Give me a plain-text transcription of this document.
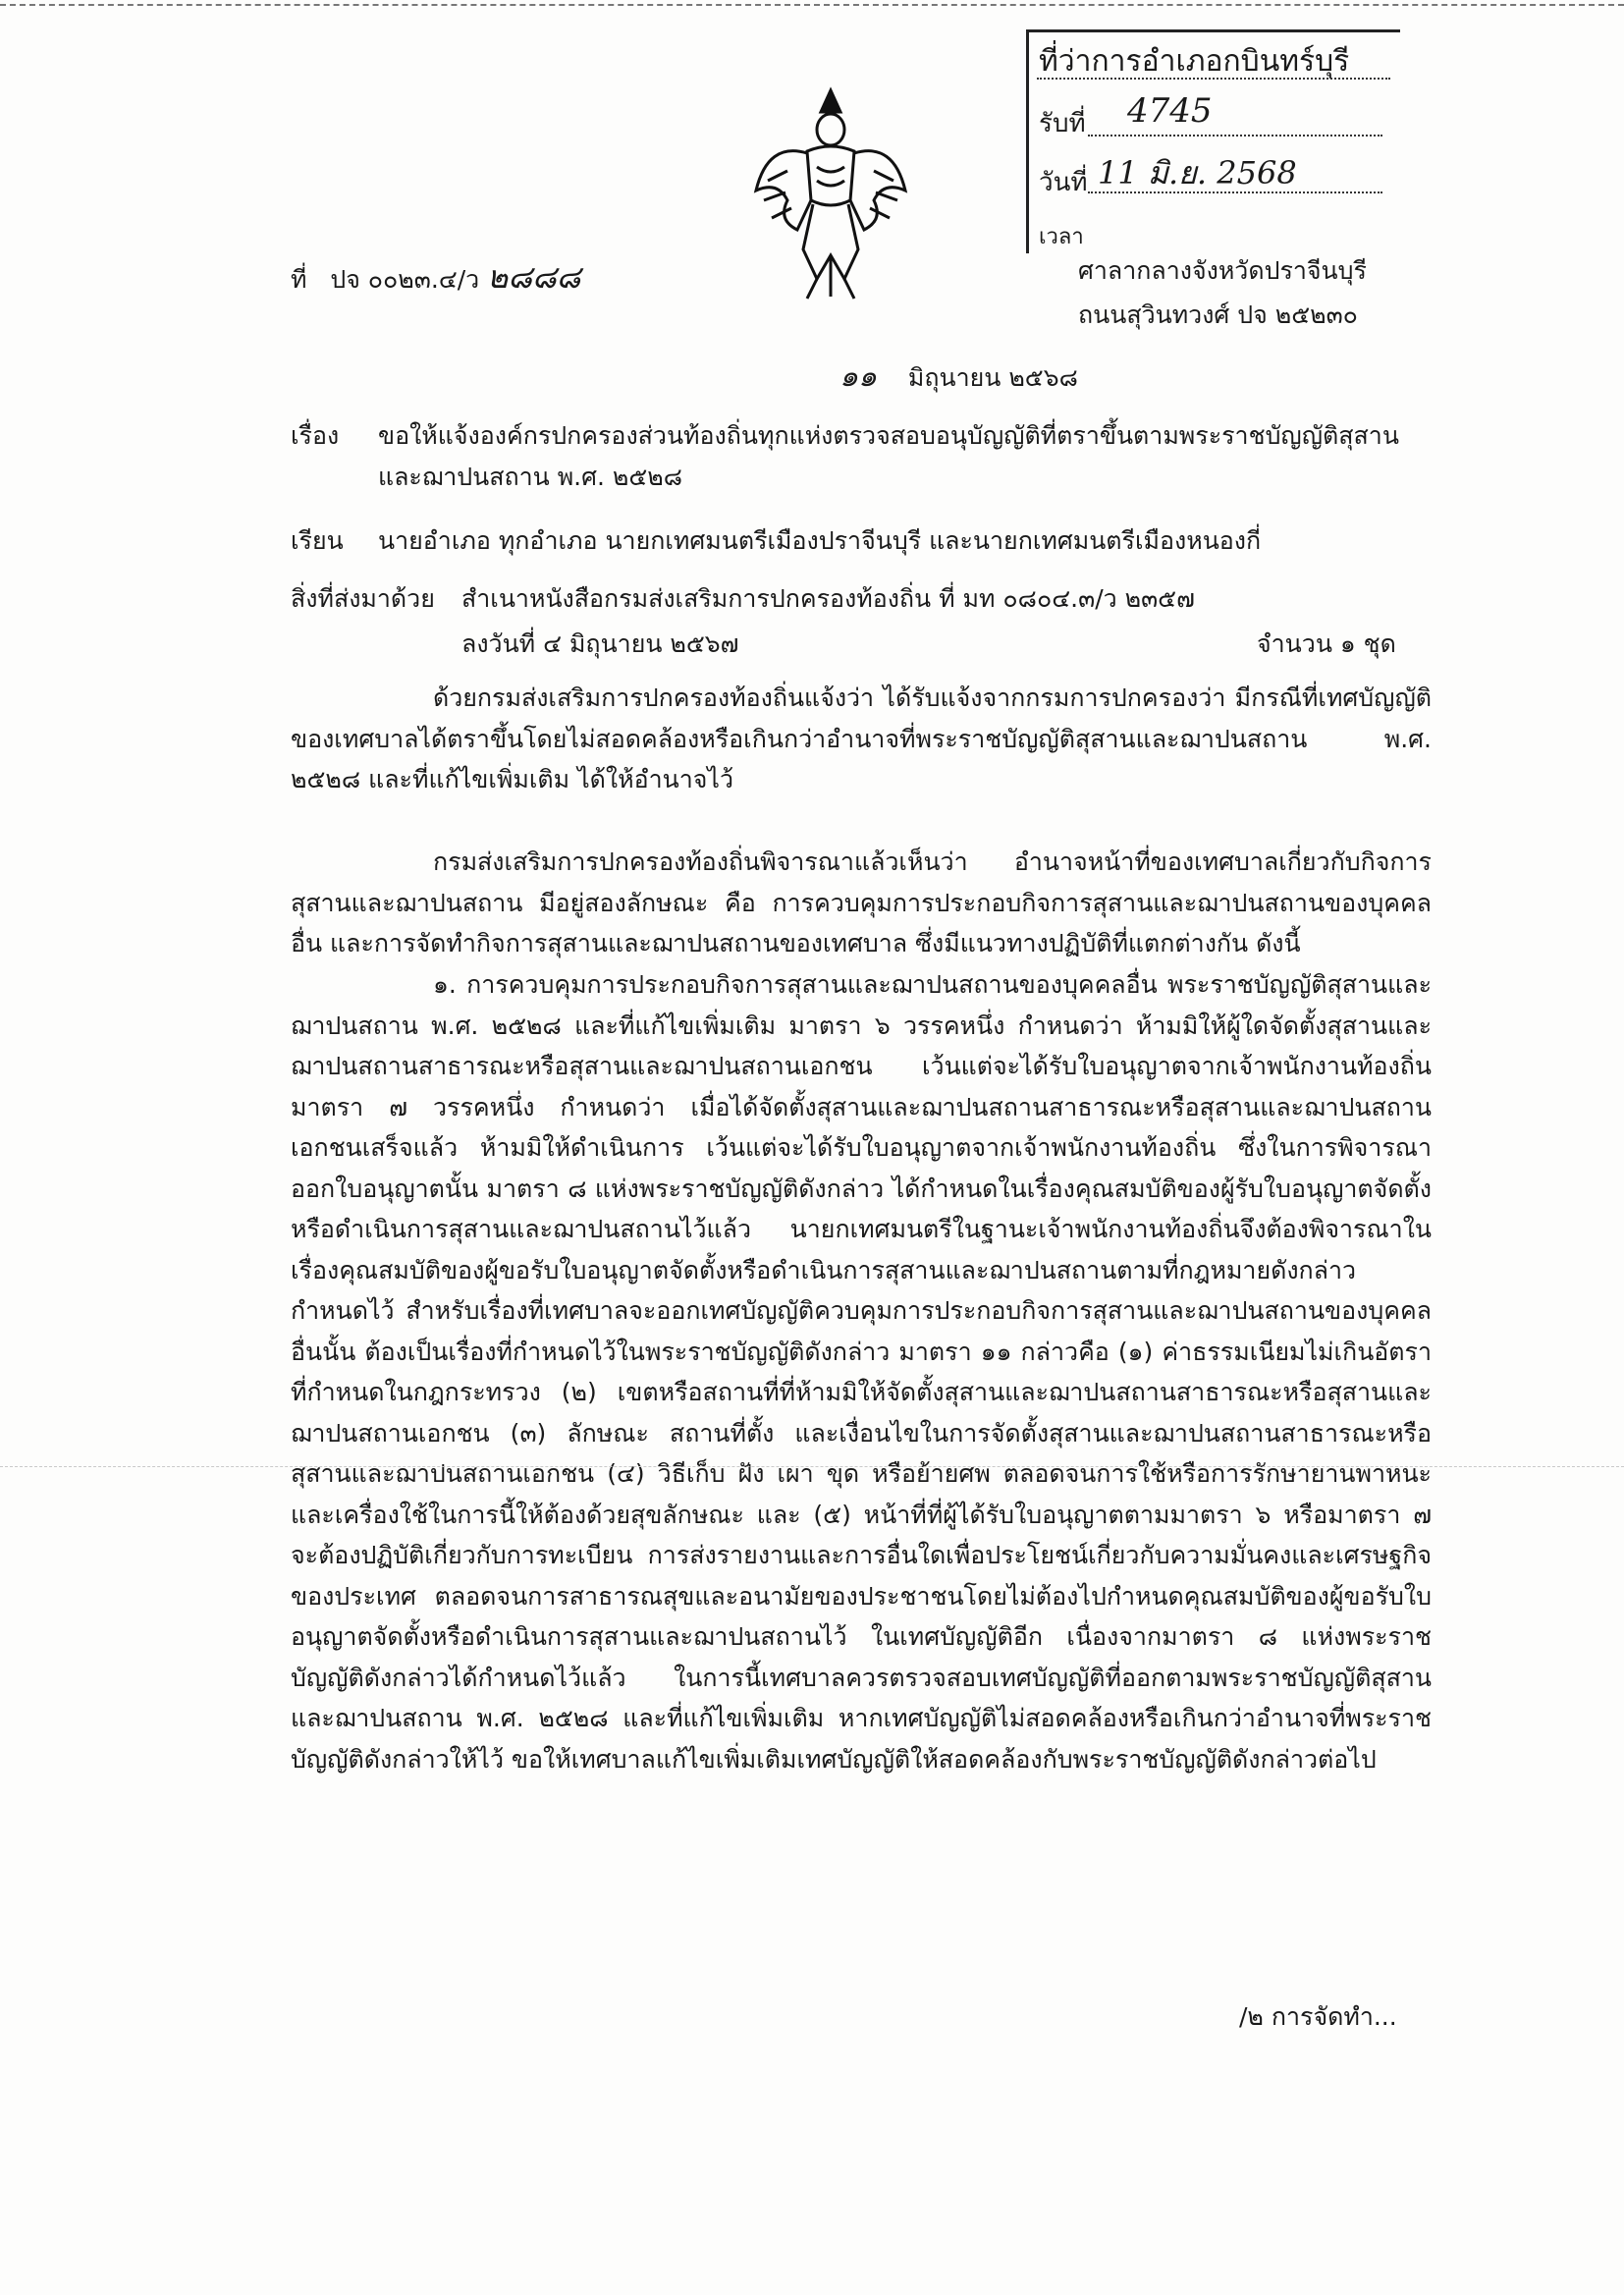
ที่ว่าการอำเภอกบินทร์บุรี
รับที่ 4745
วันที่ 11 มิ.ย. 2568
เวลา
ที่ ปจ ๐๐๒๓.๔/ว ๒๘๘๘	ศาลากลางจังหวัดปราจีนบุรี
ถนนสุวินทวงศ์ ปจ ๒๕๒๓๐
๑๑ มิถุนายน ๒๕๖๘
เรื่อง ขอให้แจ้งองค์กรปกครองส่วนท้องถิ่นทุกแห่งตรวจสอบอนุบัญญัติที่ตราขึ้นตามพระราชบัญญัติสุสาน
และฌาปนสถาน พ.ศ. ๒๕๒๘
เรียน นายอำเภอ ทุกอำเภอ นายกเทศมนตรีเมืองปราจีนบุรี และนายกเทศมนตรีเมืองหนองกี่
สิ่งที่ส่งมาด้วย สำเนาหนังสือกรมส่งเสริมการปกครองท้องถิ่น ที่ มท ๐๘๐๔.๓/ว ๒๓๕๗
ลงวันที่ ๔ มิถุนายน ๒๕๖๗	จำนวน ๑ ชุด
ด้วยกรมส่งเสริมการปกครองท้องถิ่นแจ้งว่า ได้รับแจ้งจากกรมการปกครองว่า มีกรณีที่เทศบัญญัติของเทศบาลได้ตราขึ้นโดยไม่สอดคล้องหรือเกินกว่าอำนาจที่พระราชบัญญัติสุสานและฌาปนสถาน พ.ศ. ๒๕๒๘ และที่แก้ไขเพิ่มเติม ได้ให้อำนาจไว้
กรมส่งเสริมการปกครองท้องถิ่นพิจารณาแล้วเห็นว่า อำนาจหน้าที่ของเทศบาลเกี่ยวกับกิจการสุสานและฌาปนสถาน มีอยู่สองลักษณะ คือ การควบคุมการประกอบกิจการสุสานและฌาปนสถานของบุคคลอื่น และการจัดทำกิจการสุสานและฌาปนสถานของเทศบาล ซึ่งมีแนวทางปฏิบัติที่แตกต่างกัน ดังนี้
๑. การควบคุมการประกอบกิจการสุสานและฌาปนสถานของบุคคลอื่น พระราชบัญญัติสุสานและฌาปนสถาน พ.ศ. ๒๕๒๘ และที่แก้ไขเพิ่มเติม มาตรา ๖ วรรคหนึ่ง กำหนดว่า ห้ามมิให้ผู้ใดจัดตั้งสุสานและฌาปนสถานสาธารณะหรือสุสานและฌาปนสถานเอกชน เว้นแต่จะได้รับใบอนุญาตจากเจ้าพนักงานท้องถิ่น มาตรา ๗ วรรคหนึ่ง กำหนดว่า เมื่อได้จัดตั้งสุสานและฌาปนสถานสาธารณะหรือสุสานและฌาปนสถานเอกชนเสร็จแล้ว ห้ามมิให้ดำเนินการ เว้นแต่จะได้รับใบอนุญาตจากเจ้าพนักงานท้องถิ่น ซึ่งในการพิจารณาออกใบอนุญาตนั้น มาตรา ๘ แห่งพระราชบัญญัติดังกล่าว ได้กำหนดในเรื่องคุณสมบัติของผู้รับใบอนุญาตจัดตั้งหรือดำเนินการสุสานและฌาปนสถานไว้แล้ว นายกเทศมนตรีในฐานะเจ้าพนักงานท้องถิ่นจึงต้องพิจารณาในเรื่องคุณสมบัติของผู้ขอรับใบอนุญาตจัดตั้งหรือดำเนินการสุสานและฌาปนสถานตามที่กฎหมายดังกล่าวกำหนดไว้ สำหรับเรื่องที่เทศบาลจะออกเทศบัญญัติควบคุมการประกอบกิจการสุสานและฌาปนสถานของบุคคลอื่นนั้น ต้องเป็นเรื่องที่กำหนดไว้ในพระราชบัญญัติดังกล่าว มาตรา ๑๑ กล่าวคือ (๑) ค่าธรรมเนียมไม่เกินอัตราที่กำหนดในกฎกระทรวง (๒) เขตหรือสถานที่ที่ห้ามมิให้จัดตั้งสุสานและฌาปนสถานสาธารณะหรือสุสานและฌาปนสถานเอกชน (๓) ลักษณะ สถานที่ตั้ง และเงื่อนไขในการจัดตั้งสุสานและฌาปนสถานสาธารณะหรือสุสานและฌาปนสถานเอกชน (๔) วิธีเก็บ ฝัง เผา ขุด หรือย้ายศพ ตลอดจนการใช้หรือการรักษายานพาหนะและเครื่องใช้ในการนี้ให้ต้องด้วยสุขลักษณะ และ (๕) หน้าที่ที่ผู้ได้รับใบอนุญาตตามมาตรา ๖ หรือมาตรา ๗ จะต้องปฏิบัติเกี่ยวกับการทะเบียน การส่งรายงานและการอื่นใดเพื่อประโยชน์เกี่ยวกับความมั่นคงและเศรษฐกิจของประเทศ ตลอดจนการสาธารณสุขและอนามัยของประชาชนโดยไม่ต้องไปกำหนดคุณสมบัติของผู้ขอรับใบอนุญาตจัดตั้งหรือดำเนินการสุสานและฌาปนสถานไว้ ในเทศบัญญัติอีก เนื่องจากมาตรา ๘ แห่งพระราชบัญญัติดังกล่าวได้กำหนดไว้แล้ว ในการนี้เทศบาลควรตรวจสอบเทศบัญญัติที่ออกตามพระราชบัญญัติสุสานและฌาปนสถาน พ.ศ. ๒๕๒๘ และที่แก้ไขเพิ่มเติม หากเทศบัญญัติไม่สอดคล้องหรือเกินกว่าอำนาจที่พระราชบัญญัติดังกล่าวให้ไว้ ขอให้เทศบาลแก้ไขเพิ่มเติมเทศบัญญัติให้สอดคล้องกับพระราชบัญญัติดังกล่าวต่อไป
/๒ การจัดทำ...
